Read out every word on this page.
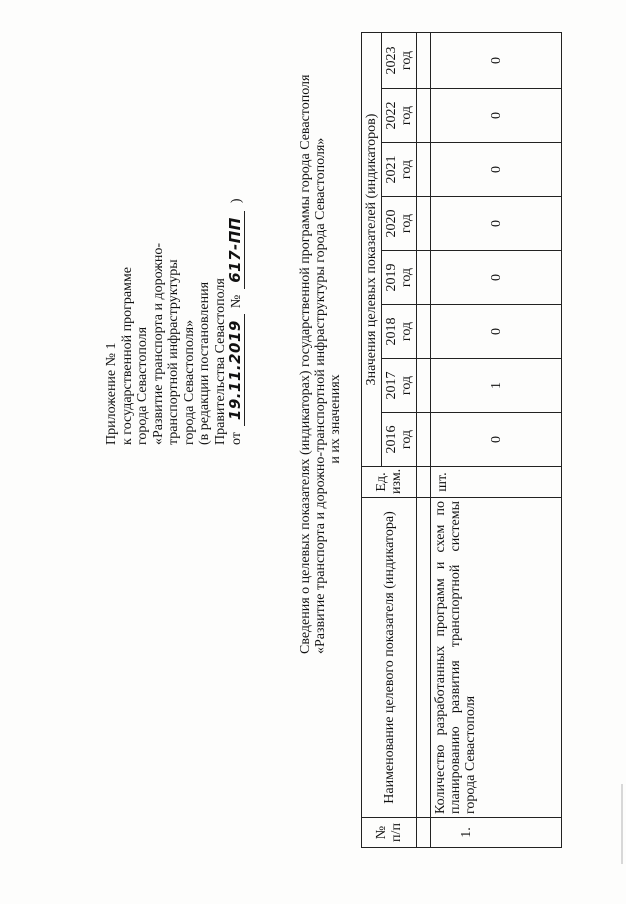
Приложение № 1 к государственной программе города Севастополя «Развитие транспорта и дорожно- транспортной инфраструктуры города Севастополя» (в редакции постановления Правительства Севастополя от
19.11.2019
№
617-ПП
)	Сведения о целевых показателях (индикаторах) государственной программы города Севастополя «Развитие транспорта и дорожно-транспортной инфраструктуры города Севастополя» и их значениях
№ п/п	Наименование целевого показателя (индикатора)	Ед. изм.	Значения целевых показателей (индикаторов)							
			2016 год	2017 год	2018 год	2019 год	2020 год	2021 год	2022 год	2023 год

1.	Количество разработанных программ и схем по планированию развития транспортной системы города Севастополя	шт.	0	1	0	0	0	0	0	0
